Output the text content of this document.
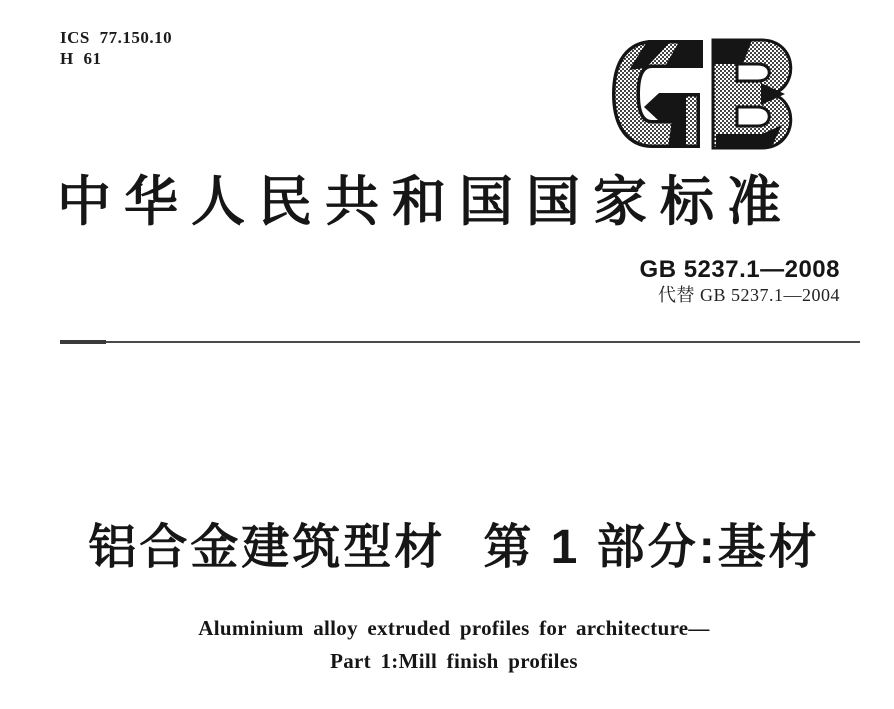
ICS 77.150.10
H 61
中华人民共和国国家标准
GB 5237.1—2008
代替 GB 5237.1—2004
铝合金建筑型材 第 1 部分:基材
Aluminium alloy extruded profiles for architecture—
Part 1:Mill finish profiles
